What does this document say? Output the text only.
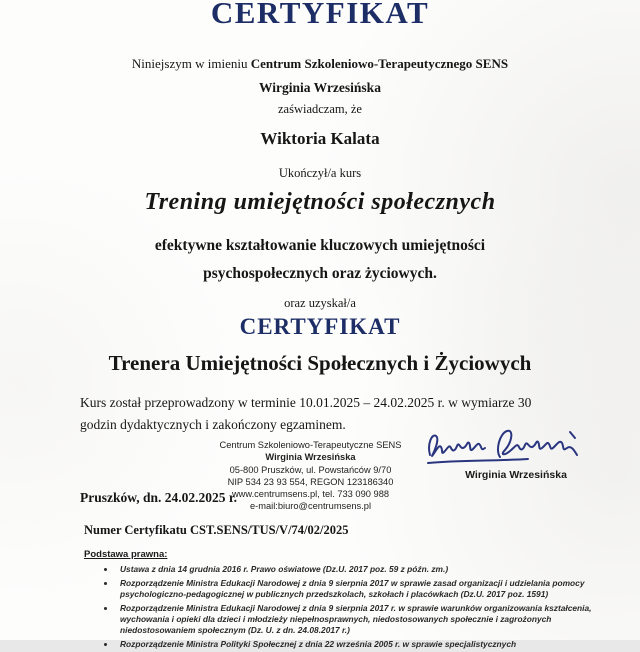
CERTYFIKAT
Niniejszym w imieniu Centrum Szkoleniowo-Terapeutycznego SENS
Wirginia Wrzesińska
zaświadczam, że
Wiktoria Kalata
Ukończył/a kurs
Trening umiejętności społecznych
efektywne kształtowanie kluczowych umiejętności
psychospołecznych oraz życiowych.
oraz uzyskał/a
CERTYFIKAT
Trenera Umiejętności Społecznych i Życiowych
Kurs został przeprowadzony w terminie 10.01.2025 – 24.02.2025 r. w wymiarze 30 godzin dydaktycznych i zakończony egzaminem.
Centrum Szkoleniowo-Terapeutyczne SENS
Wirginia Wrzesińska
05-800 Pruszków, ul. Powstańców 9/70
NIP 534 23 93 554, REGON 123186340
www.centrumsens.pl, tel. 733 090 988
e-mail:biuro@centrumsens.pl
Wirginia Wrzesińska
Pruszków, dn. 24.02.2025 r.
Numer Certyfikatu CST.SENS/TUS/V/74/02/2025
Podstawa prawna:
• Ustawa z dnia 14 grudnia 2016 r. Prawo oświatowe (Dz.U. 2017 poz. 59 z późn. zm.)
• Rozporządzenie Ministra Edukacji Narodowej z dnia 9 sierpnia 2017 w sprawie zasad organizacji i udzielania pomocy psychologiczno-pedagogicznej w publicznych przedszkolach, szkołach i placówkach (Dz.U. 2017 poz. 1591)
• Rozporządzenie Ministra Edukacji Narodowej z dnia 9 sierpnia 2017 r. w sprawie warunków organizowania kształcenia, wychowania i opieki dla dzieci i młodzieży niepełnosprawnych, niedostosowanych społecznie i zagrożonych niedostosowaniem społecznym (Dz. U. z dn. 24.08.2017 r.)
• Rozporządzenie Ministra Polityki Społecznej z dnia 22 września 2005 r. w sprawie specjalistycznych
